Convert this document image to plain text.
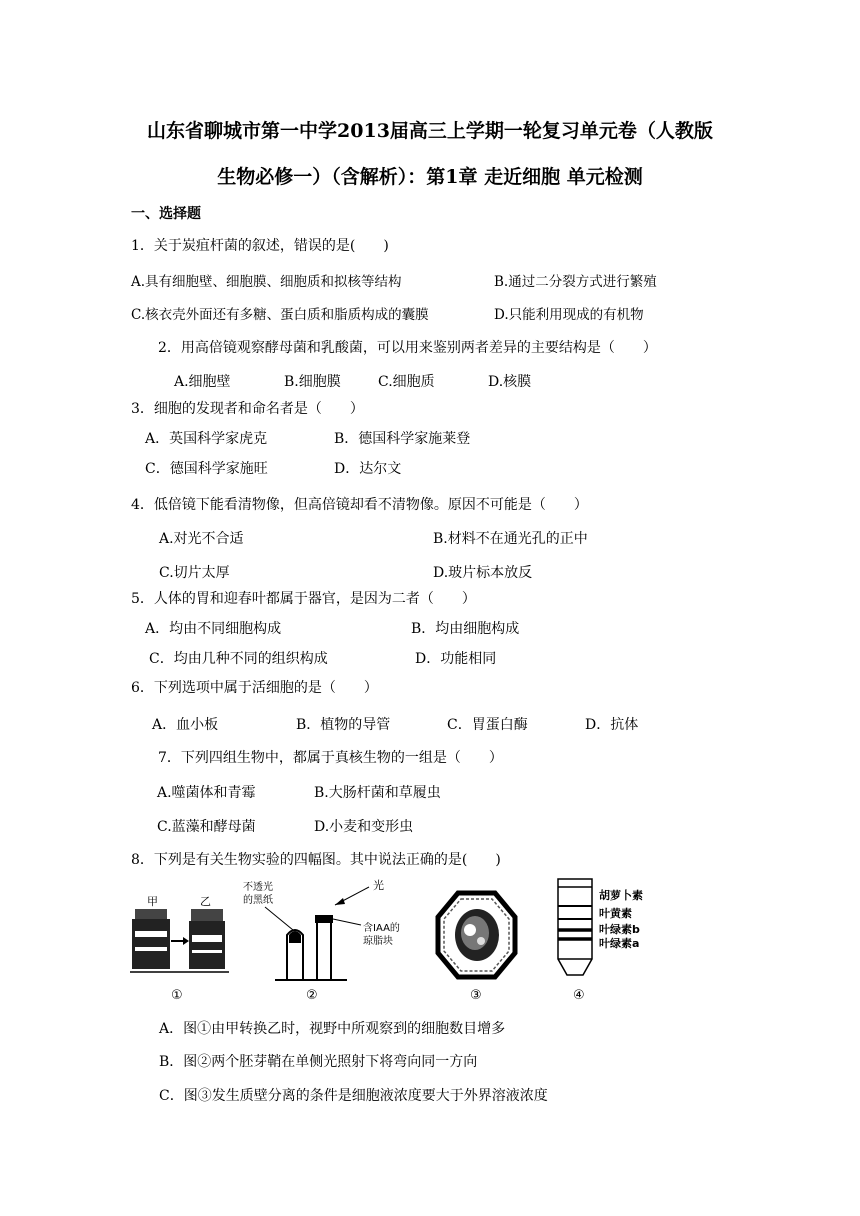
山东省聊城市第一中学2013届高三上学期一轮复习单元卷（人教版
生物必修一）（含解析）：第1章 走近细胞 单元检测
一、选择题
1．关于炭疽杆菌的叙述，错误的是(　　)
A.具有细胞壁、细胞膜、细胞质和拟核等结构	B.通过二分裂方式进行繁殖
C.核衣壳外面还有多糖、蛋白质和脂质构成的囊膜	D.只能利用现成的有机物
2．用高倍镜观察酵母菌和乳酸菌，可以用来鉴别两者差异的主要结构是（　　）
A.细胞壁	B.细胞膜	C.细胞质	D.核膜
3．细胞的发现者和命名者是（　　）
A．英国科学家虎克	B．德国科学家施莱登
C．德国科学家施旺	D．达尔文
4．低倍镜下能看清物像，但高倍镜却看不清物像。原因不可能是（　　）
A.对光不合适	B.材料不在通光孔的正中
C.切片太厚	D.玻片标本放反
5．人体的胃和迎春叶都属于器官，是因为二者（　　）
A．均由不同细胞构成	B．均由细胞构成
C．均由几种不同的组织构成	D．功能相同
6．下列选项中属于活细胞的是（　　）
A．血小板	B．植物的导管	C．胃蛋白酶	D．抗体
7．下列四组生物中，都属于真核生物的一组是（　　）
A.噬菌体和青霉	B.大肠杆菌和草履虫
C.蓝藻和酵母菌	D.小麦和变形虫
8．下列是有关生物实验的四幅图。其中说法正确的是(　　)
甲	乙
①
不透光
的黑纸
光
含IAA的
琼脂块
②	③
胡萝卜素
叶黄素
叶绿素b
叶绿素a
④
A．图①由甲转换乙时，视野中所观察到的细胞数目增多
B．图②两个胚芽鞘在单侧光照射下将弯向同一方向
C．图③发生质壁分离的条件是细胞液浓度要大于外界溶液浓度
